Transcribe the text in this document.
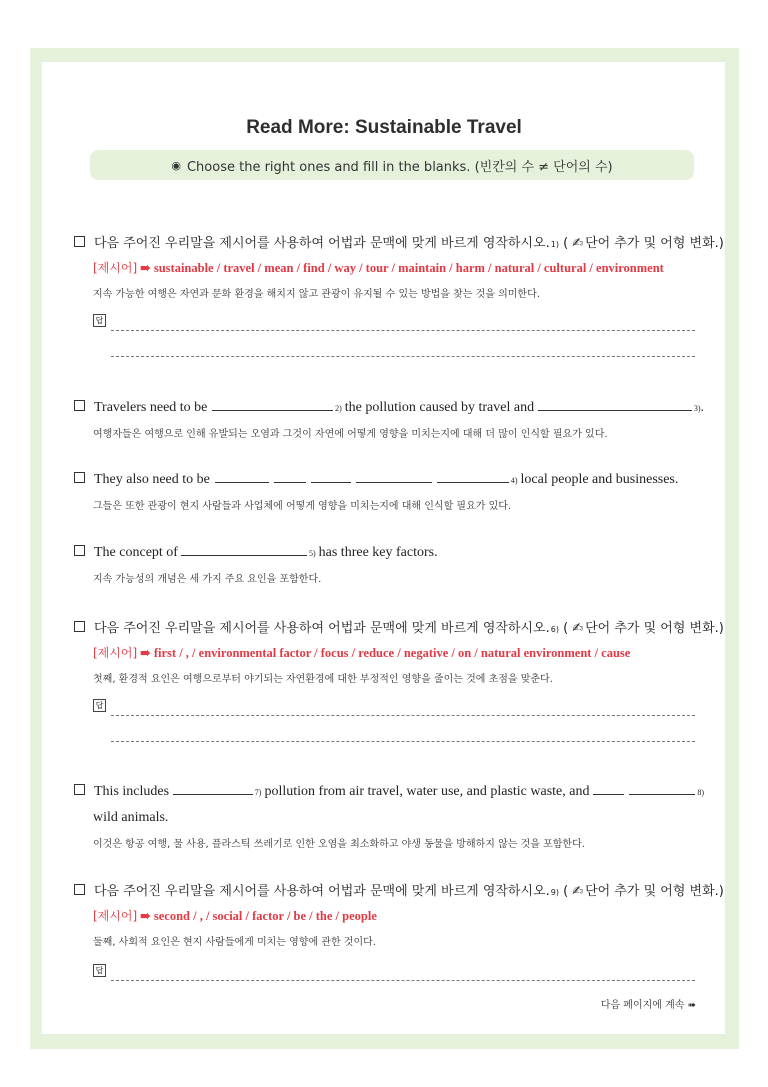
Read More: Sustainable Travel
◉ Choose the right ones and fill in the blanks. (빈칸의 수 ≠ 단어의 수)
다음 주어진 우리말을 제시어를 사용하여 어법과 문맥에 맞게 바르게 영작하시오. 1) ( ✍ 단어 추가 및 어형 변화. )
[제시어] ➠ sustainable / travel / mean / find / way / tour / maintain / harm / natural / cultural / environment
지속 가능한 여행은 자연과 문화 환경을 해치지 않고 관광이 유지될 수 있는 방법을 찾는 것을 의미한다.
답
Travelers need to be	2) the pollution caused by travel and	3) .
여행자들은 여행으로 인해 유발되는 오염과 그것이 자연에 어떻게 영향을 미치는지에 대해 더 많이 인식할 필요가 있다.
They also need to be	4) local people and businesses.
그들은 또한 관광이 현지 사람들과 사업체에 어떻게 영향을 미치는지에 대해 인식할 필요가 있다.
The concept of	5) has three key factors.
지속 가능성의 개념은 세 가지 주요 요인을 포함한다.
다음 주어진 우리말을 제시어를 사용하여 어법과 문맥에 맞게 바르게 영작하시오. 6) ( ✍ 단어 추가 및 어형 변화. )
[제시어] ➠ first / , / environmental factor / focus / reduce / negative / on / natural environment / cause
첫째, 환경적 요인은 여행으로부터 야기되는 자연환경에 대한 부정적인 영향을 줄이는 것에 초점을 맞춘다.
답
This includes	7) pollution from air travel, water use, and plastic waste, and	8)
wild animals.
이것은 항공 여행, 물 사용, 플라스틱 쓰레기로 인한 오염을 최소화하고 야생 동물을 방해하지 않는 것을 포함한다.
다음 주어진 우리말을 제시어를 사용하여 어법과 문맥에 맞게 바르게 영작하시오. 9) ( ✍ 단어 추가 및 어형 변화. )
[제시어] ➠ second / , / social / factor / be / the / people
둘째, 사회적 요인은 현지 사람들에게 미치는 영향에 관한 것이다.
답
다음 페이지에 계속 ➠
